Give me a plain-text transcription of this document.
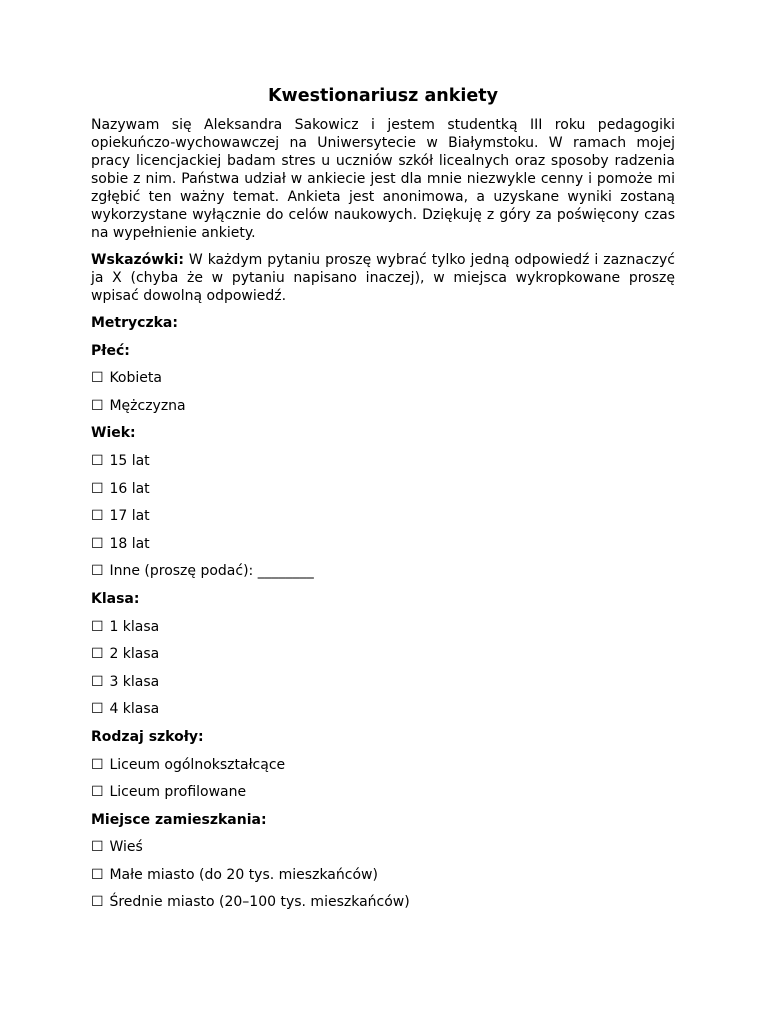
Kwestionariusz ankiety
Nazywam się Aleksandra Sakowicz i jestem studentką III roku pedagogiki opiekuńczo-wychowawczej na Uniwersytecie w Białymstoku. W ramach mojej pracy licencjackiej badam stres u uczniów szkół licealnych oraz sposoby radzenia sobie z nim. Państwa udział w ankiecie jest dla mnie niezwykle cenny i pomoże mi zgłębić ten ważny temat. Ankieta jest anonimowa, a uzyskane wyniki zostaną wykorzystane wyłącznie do celów naukowych. Dziękuję z góry za poświęcony czas na wypełnienie ankiety.
Wskazówki: W każdym pytaniu proszę wybrać tylko jedną odpowiedź i zaznaczyć ja X (chyba że w pytaniu napisano inaczej), w miejsca wykropkowane proszę wpisać dowolną odpowiedź.
Metryczka:
Płeć:
☐ Kobieta
☐ Mężczyzna
Wiek:
☐ 15 lat
☐ 16 lat
☐ 17 lat
☐ 18 lat
☐ Inne (proszę podać): ________
Klasa:
☐ 1 klasa
☐ 2 klasa
☐ 3 klasa
☐ 4 klasa
Rodzaj szkoły:
☐ Liceum ogólnokształcące
☐ Liceum profilowane
Miejsce zamieszkania:
☐ Wieś
☐ Małe miasto (do 20 tys. mieszkańców)
☐ Średnie miasto (20–100 tys. mieszkańców)
